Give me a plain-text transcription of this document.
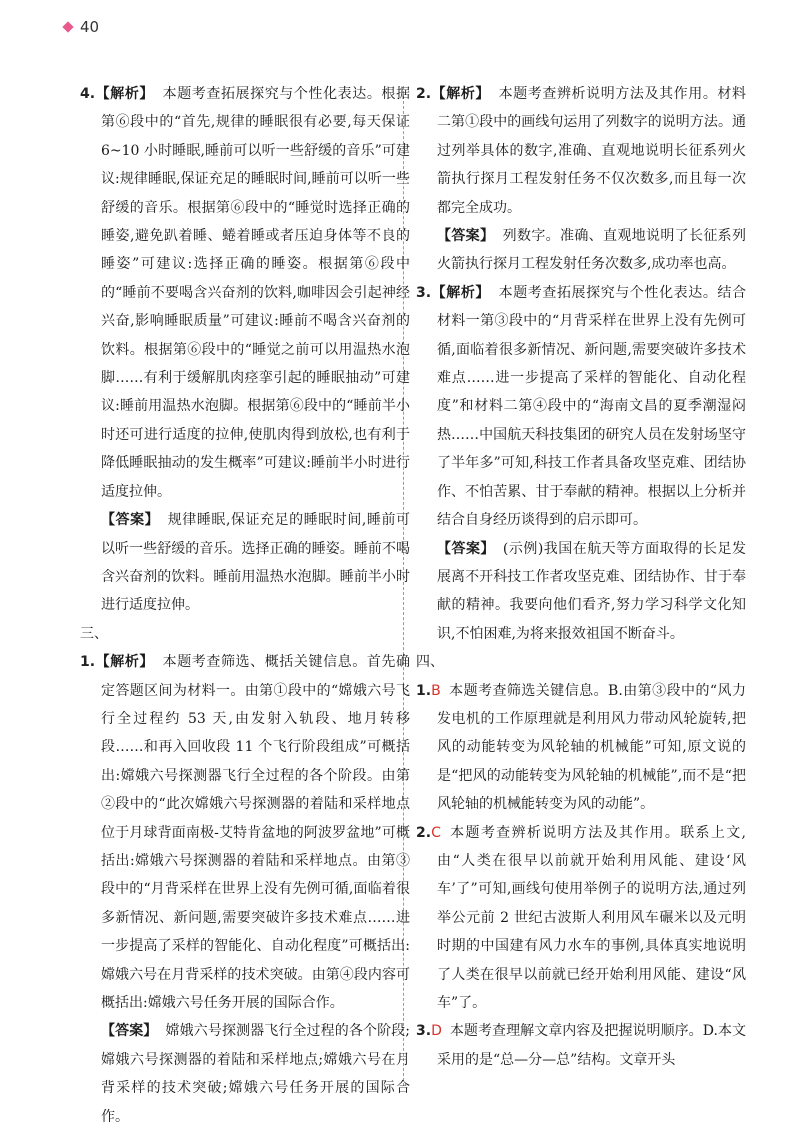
40

4.【解析】 本题考查拓展探究与个性化表达。根据第⑥段中的“首先,规律的睡眠很有必要,每天保证 6~10 小时睡眠,睡前可以听一些舒缓的音乐”可建议:规律睡眠,保证充足的睡眠时间,睡前可以听一些舒缓的音乐。根据第⑥段中的“睡觉时选择正确的睡姿,避免趴着睡、蜷着睡或者压迫身体等不良的睡姿”可建议:选择正确的睡姿。根据第⑥段中的“睡前不要喝含兴奋剂的饮料,咖啡因会引起神经兴奋,影响睡眠质量”可建议:睡前不喝含兴奋剂的饮料。根据第⑥段中的“睡觉之前可以用温热水泡脚……有利于缓解肌肉痉挛引起的睡眠抽动”可建议:睡前用温热水泡脚。根据第⑥段中的“睡前半小时还可进行适度的拉伸,使肌肉得到放松,也有利于降低睡眠抽动的发生概率”可建议:睡前半小时进行适度拉伸。

【答案】 规律睡眠,保证充足的睡眠时间,睡前可以听一些舒缓的音乐。选择正确的睡姿。睡前不喝含兴奋剂的饮料。睡前用温热水泡脚。睡前半小时进行适度拉伸。

三、

1.【解析】 本题考查筛选、概括关键信息。首先确定答题区间为材料一。由第①段中的“嫦娥六号飞行全过程约 53 天,由发射入轨段、地月转移段……和再入回收段 11 个飞行阶段组成”可概括出:嫦娥六号探测器飞行全过程的各个阶段。由第②段中的“此次嫦娥六号探测器的着陆和采样地点位于月球背面南极-艾特肯盆地的阿波罗盆地”可概括出:嫦娥六号探测器的着陆和采样地点。由第③段中的“月背采样在世界上没有先例可循,面临着很多新情况、新问题,需要突破许多技术难点……进一步提高了采样的智能化、自动化程度”可概括出:嫦娥六号在月背采样的技术突破。由第④段内容可概括出:嫦娥六号任务开展的国际合作。

【答案】 嫦娥六号探测器飞行全过程的各个阶段;嫦娥六号探测器的着陆和采样地点;嫦娥六号在月背采样的技术突破;嫦娥六号任务开展的国际合作。

2.【解析】 本题考查辨析说明方法及其作用。材料二第①段中的画线句运用了列数字的说明方法。通过列举具体的数字,准确、直观地说明长征系列火箭执行探月工程发射任务不仅次数多,而且每一次都完全成功。

【答案】 列数字。准确、直观地说明了长征系列火箭执行探月工程发射任务次数多,成功率也高。

3.【解析】 本题考查拓展探究与个性化表达。结合材料一第③段中的“月背采样在世界上没有先例可循,面临着很多新情况、新问题,需要突破许多技术难点……进一步提高了采样的智能化、自动化程度”和材料二第④段中的“海南文昌的夏季潮湿闷热……中国航天科技集团的研究人员在发射场坚守了半年多”可知,科技工作者具备攻坚克难、团结协作、不怕苦累、甘于奉献的精神。根据以上分析并结合自身经历谈得到的启示即可。

【答案】 (示例)我国在航天等方面取得的长足发展离不开科技工作者攻坚克难、团结协作、甘于奉献的精神。我要向他们看齐,努力学习科学文化知识,不怕困难,为将来报效祖国不断奋斗。

四、

1.B 本题考查筛选关键信息。B.由第③段中的“风力发电机的工作原理就是利用风力带动风轮旋转,把风的动能转变为风轮轴的机械能”可知,原文说的是“把风的动能转变为风轮轴的机械能”,而不是“把风轮轴的机械能转变为风的动能”。

2.C 本题考查辨析说明方法及其作用。联系上文,由“人类在很早以前就开始利用风能、建设‘风车’了”可知,画线句使用举例子的说明方法,通过列举公元前 2 世纪古波斯人利用风车碾米以及元明时期的中国建有风力水车的事例,具体真实地说明了人类在很早以前就已经开始利用风能、建设“风车”了。

3.D 本题考查理解文章内容及把握说明顺序。D.本文采用的是“总—分—总”结构。文章开头
